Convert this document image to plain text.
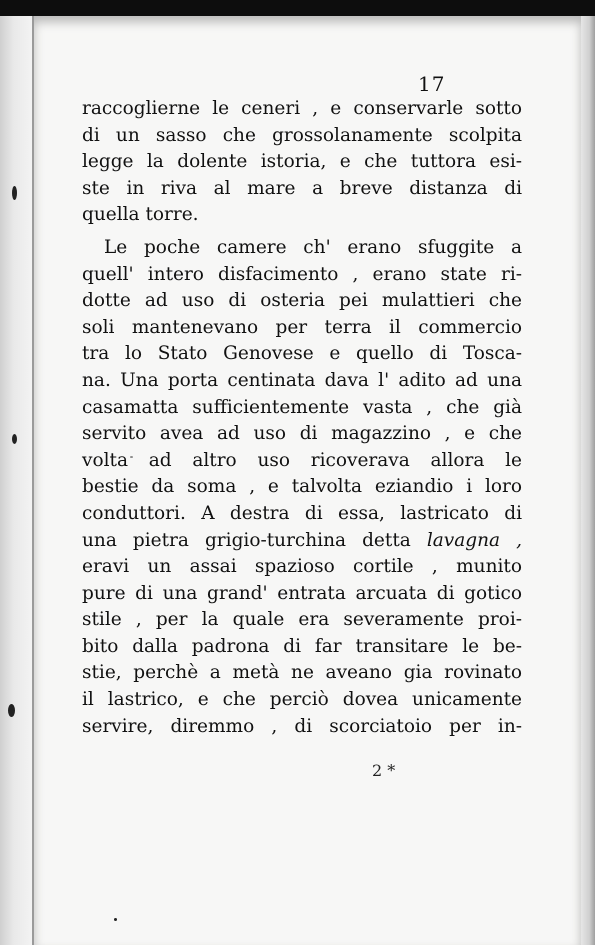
17
raccoglierne le ceneri , e conservarle sotto
di un sasso che grossolanamente scolpita
legge la dolente istoria, e che tuttora esi-
ste in riva al mare a breve distanza di
quella torre.
Le poche camere ch' erano sfuggite a
quell' intero disfacimento , erano state ri-
dotte ad uso di osteria pei mulattieri che
soli mantenevano per terra il commercio
tra lo Stato Genovese e quello di Tosca-
na. Una porta centinata dava l' adito ad una
casamatta sufficientemente vasta , che già
servito avea ad uso di magazzino , e che
volta ad altro uso ricoverava allora le
bestie da soma , e talvolta eziandio i loro
conduttori. A destra di essa, lastricato di
una pietra grigio-turchina detta lavagna ,
eravi un assai spazioso cortile , munito
pure di una grand' entrata arcuata di gotico
stile , per la quale era severamente proi-
bito dalla padrona di far transitare le be-
stie, perchè a metà ne aveano gia rovinato
il lastrico, e che perciò dovea unicamente
servire, diremmo , di scorciatoio per in-
2 *
